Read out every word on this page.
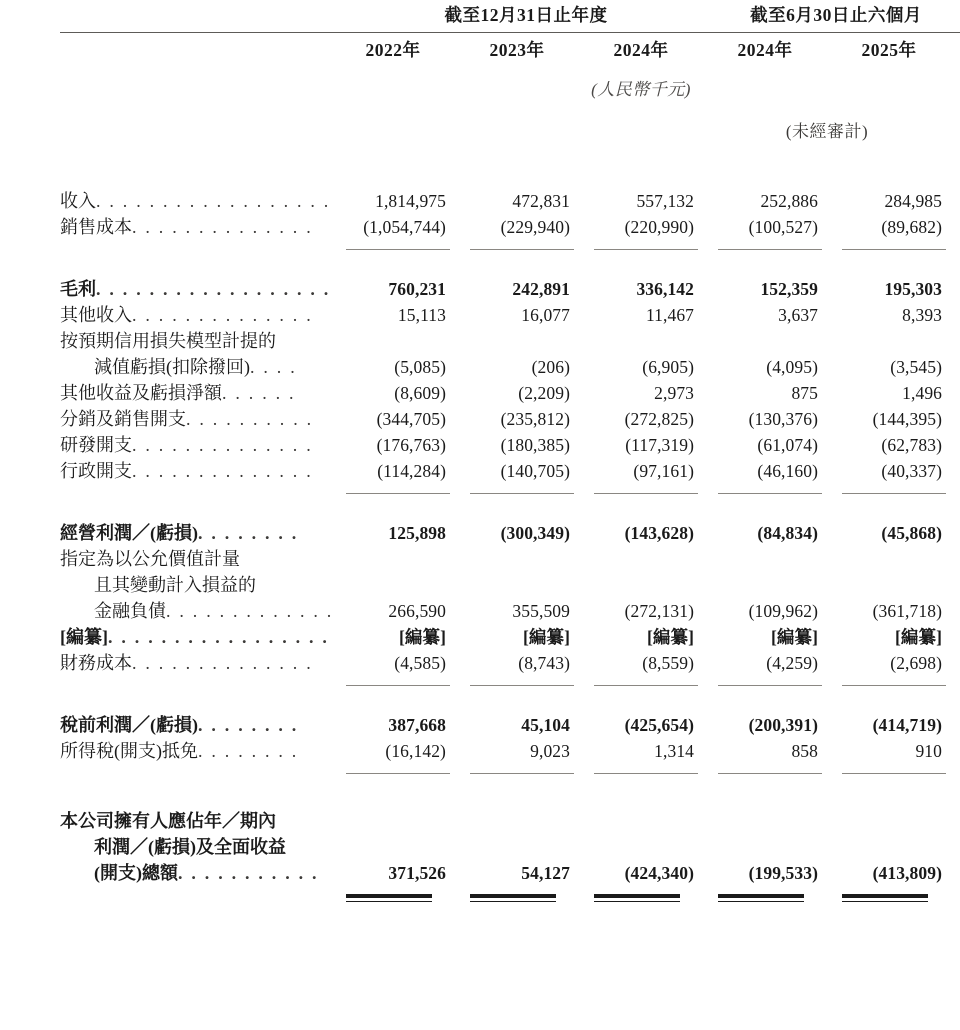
	截至12月31日止年度			截至6月30日止六個月	

	2022年	2023年	2024年	2024年	2025年

			(人民幣千元)		
				(未經審計)	

收入. . . . . . . . . . . . . . . . . .	1,814,975	472,831	557,132	252,886	284,985
銷售成本. . . . . . . . . . . . . .	(1,054,744)	(229,940)	(220,990)	(100,527)	(89,682)

毛利. . . . . . . . . . . . . . . . . .	760,231	242,891	336,142	152,359	195,303
其他收入. . . . . . . . . . . . . .	15,113	16,077	11,467	3,637	8,393
按預期信用損失模型計提的					
減值虧損(扣除撥回). . . .	(5,085)	(206)	(6,905)	(4,095)	(3,545)
其他收益及虧損淨額. . . . . .	(8,609)	(2,209)	2,973	875	1,496
分銷及銷售開支. . . . . . . . . .	(344,705)	(235,812)	(272,825)	(130,376)	(144,395)
研發開支. . . . . . . . . . . . . .	(176,763)	(180,385)	(117,319)	(61,074)	(62,783)
行政開支. . . . . . . . . . . . . .	(114,284)	(140,705)	(97,161)	(46,160)	(40,337)

經營利潤／(虧損). . . . . . . .	125,898	(300,349)	(143,628)	(84,834)	(45,868)
指定為以公允價值計量					
且其變動計入損益的					
金融負債. . . . . . . . . . . . .	266,590	355,509	(272,131)	(109,962)	(361,718)
[編纂]. . . . . . . . . . . . . . . . .	[編纂]	[編纂]	[編纂]	[編纂]	[編纂]
財務成本. . . . . . . . . . . . . .	(4,585)	(8,743)	(8,559)	(4,259)	(2,698)

稅前利潤／(虧損). . . . . . . .	387,668	45,104	(425,654)	(200,391)	(414,719)
所得稅(開支)抵免. . . . . . . .	(16,142)	9,023	1,314	858	910

本公司擁有人應佔年／期內					
利潤／(虧損)及全面收益					
(開支)總額. . . . . . . . . . .	371,526	54,127	(424,340)	(199,533)	(413,809)
